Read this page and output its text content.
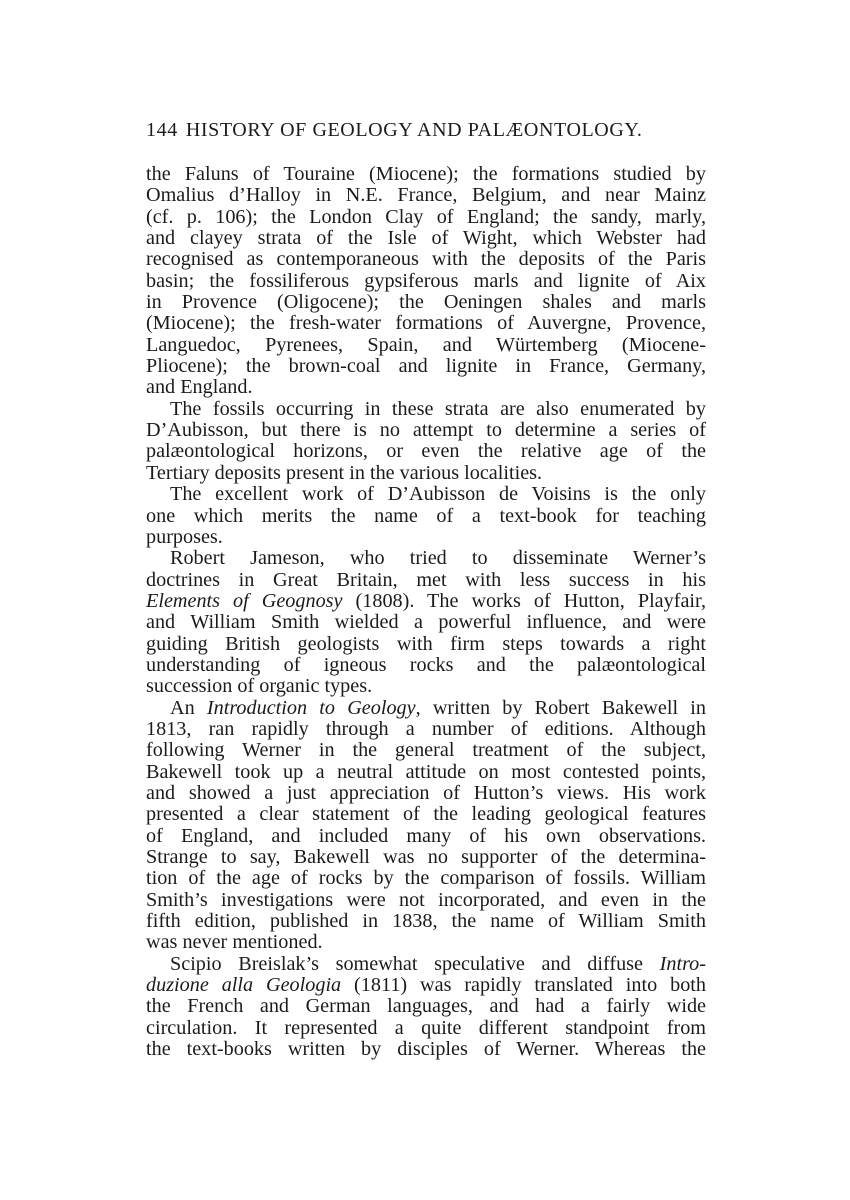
144 HISTORY OF GEOLOGY AND PALÆONTOLOGY.
the Faluns of Touraine (Miocene); the formations studied by
Omalius d’Halloy in N.E. France, Belgium, and near Mainz
(cf. p. 106); the London Clay of England; the sandy, marly,
and clayey strata of the Isle of Wight, which Webster had
recognised as contemporaneous with the deposits of the Paris
basin; the fossiliferous gypsiferous marls and lignite of Aix
in Provence (Oligocene); the Oeningen shales and marls
(Miocene); the fresh-water formations of Auvergne, Provence,
Languedoc, Pyrenees, Spain, and Würtemberg (Miocene-
Pliocene); the brown-coal and lignite in France, Germany,
and England.
The fossils occurring in these strata are also enumerated by
D’Aubisson, but there is no attempt to determine a series of
palæontological horizons, or even the relative age of the
Tertiary deposits present in the various localities.
The excellent work of D’Aubisson de Voisins is the only
one which merits the name of a text-book for teaching
purposes.
Robert Jameson, who tried to disseminate Werner’s
doctrines in Great Britain, met with less success in his
Elements of Geognosy (1808). The works of Hutton, Playfair,
and William Smith wielded a powerful influence, and were
guiding British geologists with firm steps towards a right
understanding of igneous rocks and the palæontological
succession of organic types.
An Introduction to Geology, written by Robert Bakewell in
1813, ran rapidly through a number of editions. Although
following Werner in the general treatment of the subject,
Bakewell took up a neutral attitude on most contested points,
and showed a just appreciation of Hutton’s views. His work
presented a clear statement of the leading geological features
of England, and included many of his own observations.
Strange to say, Bakewell was no supporter of the determina-
tion of the age of rocks by the comparison of fossils. William
Smith’s investigations were not incorporated, and even in the
fifth edition, published in 1838, the name of William Smith
was never mentioned.
Scipio Breislak’s somewhat speculative and diffuse Intro-
duzione alla Geologia (1811) was rapidly translated into both
the French and German languages, and had a fairly wide
circulation. It represented a quite different standpoint from
the text-books written by disciples of Werner. Whereas the
